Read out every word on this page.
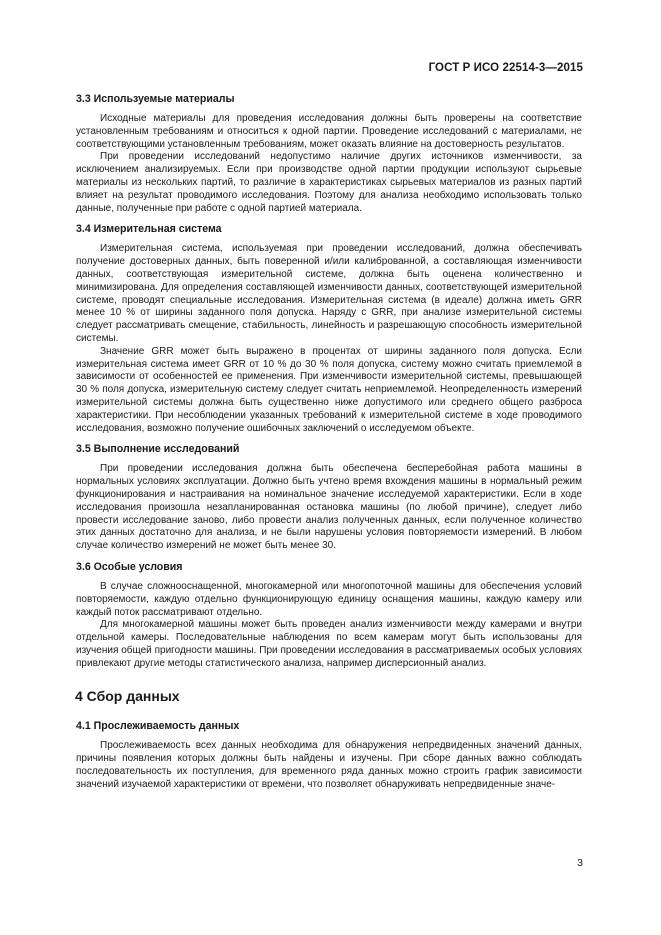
ГОСТ Р ИСО 22514-3—2015
3.3 Используемые материалы

Исходные материалы для проведения исследования должны быть проверены на соответствие установленным требованиям и относиться к одной партии. Проведение исследований с материалами, не соответствующими установленным требованиям, может оказать влияние на достоверность результатов.

При проведении исследований недопустимо наличие других источников изменчивости, за исключением анализируемых. Если при производстве одной партии продукции используют сырьевые материалы из нескольких партий, то различие в характеристиках сырьевых материалов из разных партий влияет на результат проводимого исследования. Поэтому для анализа необходимо использовать только данные, полученные при работе с одной партией материала.

3.4 Измерительная система

Измерительная система, используемая при проведении исследований, должна обеспечивать получение достоверных данных, быть поверенной и/или калиброванной, а составляющая изменчивости данных, соответствующая измерительной системе, должна быть оценена количественно и минимизирована. Для определения составляющей изменчивости данных, соответствующей измерительной системе, проводят специальные исследования. Измерительная система (в идеале) должна иметь GRR менее 10 % от ширины заданного поля допуска. Наряду с GRR, при анализе измерительной системы следует рассматривать смещение, стабильность, линейность и разрешающую способность измерительной системы.

Значение GRR может быть выражено в процентах от ширины заданного поля допуска. Если измерительная система имеет GRR от 10 % до 30 % поля допуска, систему можно считать приемлемой в зависимости от особенностей ее применения. При изменчивости измерительной системы, превышающей 30 % поля допуска, измерительную систему следует считать неприемлемой. Неопределенность измерений измерительной системы должна быть существенно ниже допустимого или среднего общего разброса характеристики. При несоблюдении указанных требований к измерительной системе в ходе проводимого исследования, возможно получение ошибочных заключений о исследуемом объекте.

3.5 Выполнение исследований

При проведении исследования должна быть обеспечена бесперебойная работа машины в нормальных условиях эксплуатации. Должно быть учтено время вхождения машины в нормальный режим функционирования и настраивания на номинальное значение исследуемой характеристики. Если в ходе исследования произошла незапланированная остановка машины (по любой причине), следует либо провести исследование заново, либо провести анализ полученных данных, если полученное количество этих данных достаточно для анализа, и не были нарушены условия повторяемости измерений. В любом случае количество измерений не может быть менее 30.

3.6 Особые условия

В случае сложнооснащенной, многокамерной или многопоточной машины для обеспечения условий повторяемости, каждую отдельно функционирующую единицу оснащения машины, каждую камеру или каждый поток рассматривают отдельно.

Для многокамерной машины может быть проведен анализ изменчивости между камерами и внутри отдельной камеры. Последовательные наблюдения по всем камерам могут быть использованы для изучения общей пригодности машины. При проведении исследования в рассматриваемых особых условиях привлекают другие методы статистического анализа, например дисперсионный анализ.

4 Сбор данных
4.1 Прослеживаемость данных

Прослеживаемость всех данных необходима для обнаружения непредвиденных значений данных, причины появления которых должны быть найдены и изучены. При сборе данных важно соблюдать последовательность их поступления, для временного ряда данных можно строить график зависимости значений изучаемой характеристики от времени, что позволяет обнаруживать непредвиденные значе-

3
